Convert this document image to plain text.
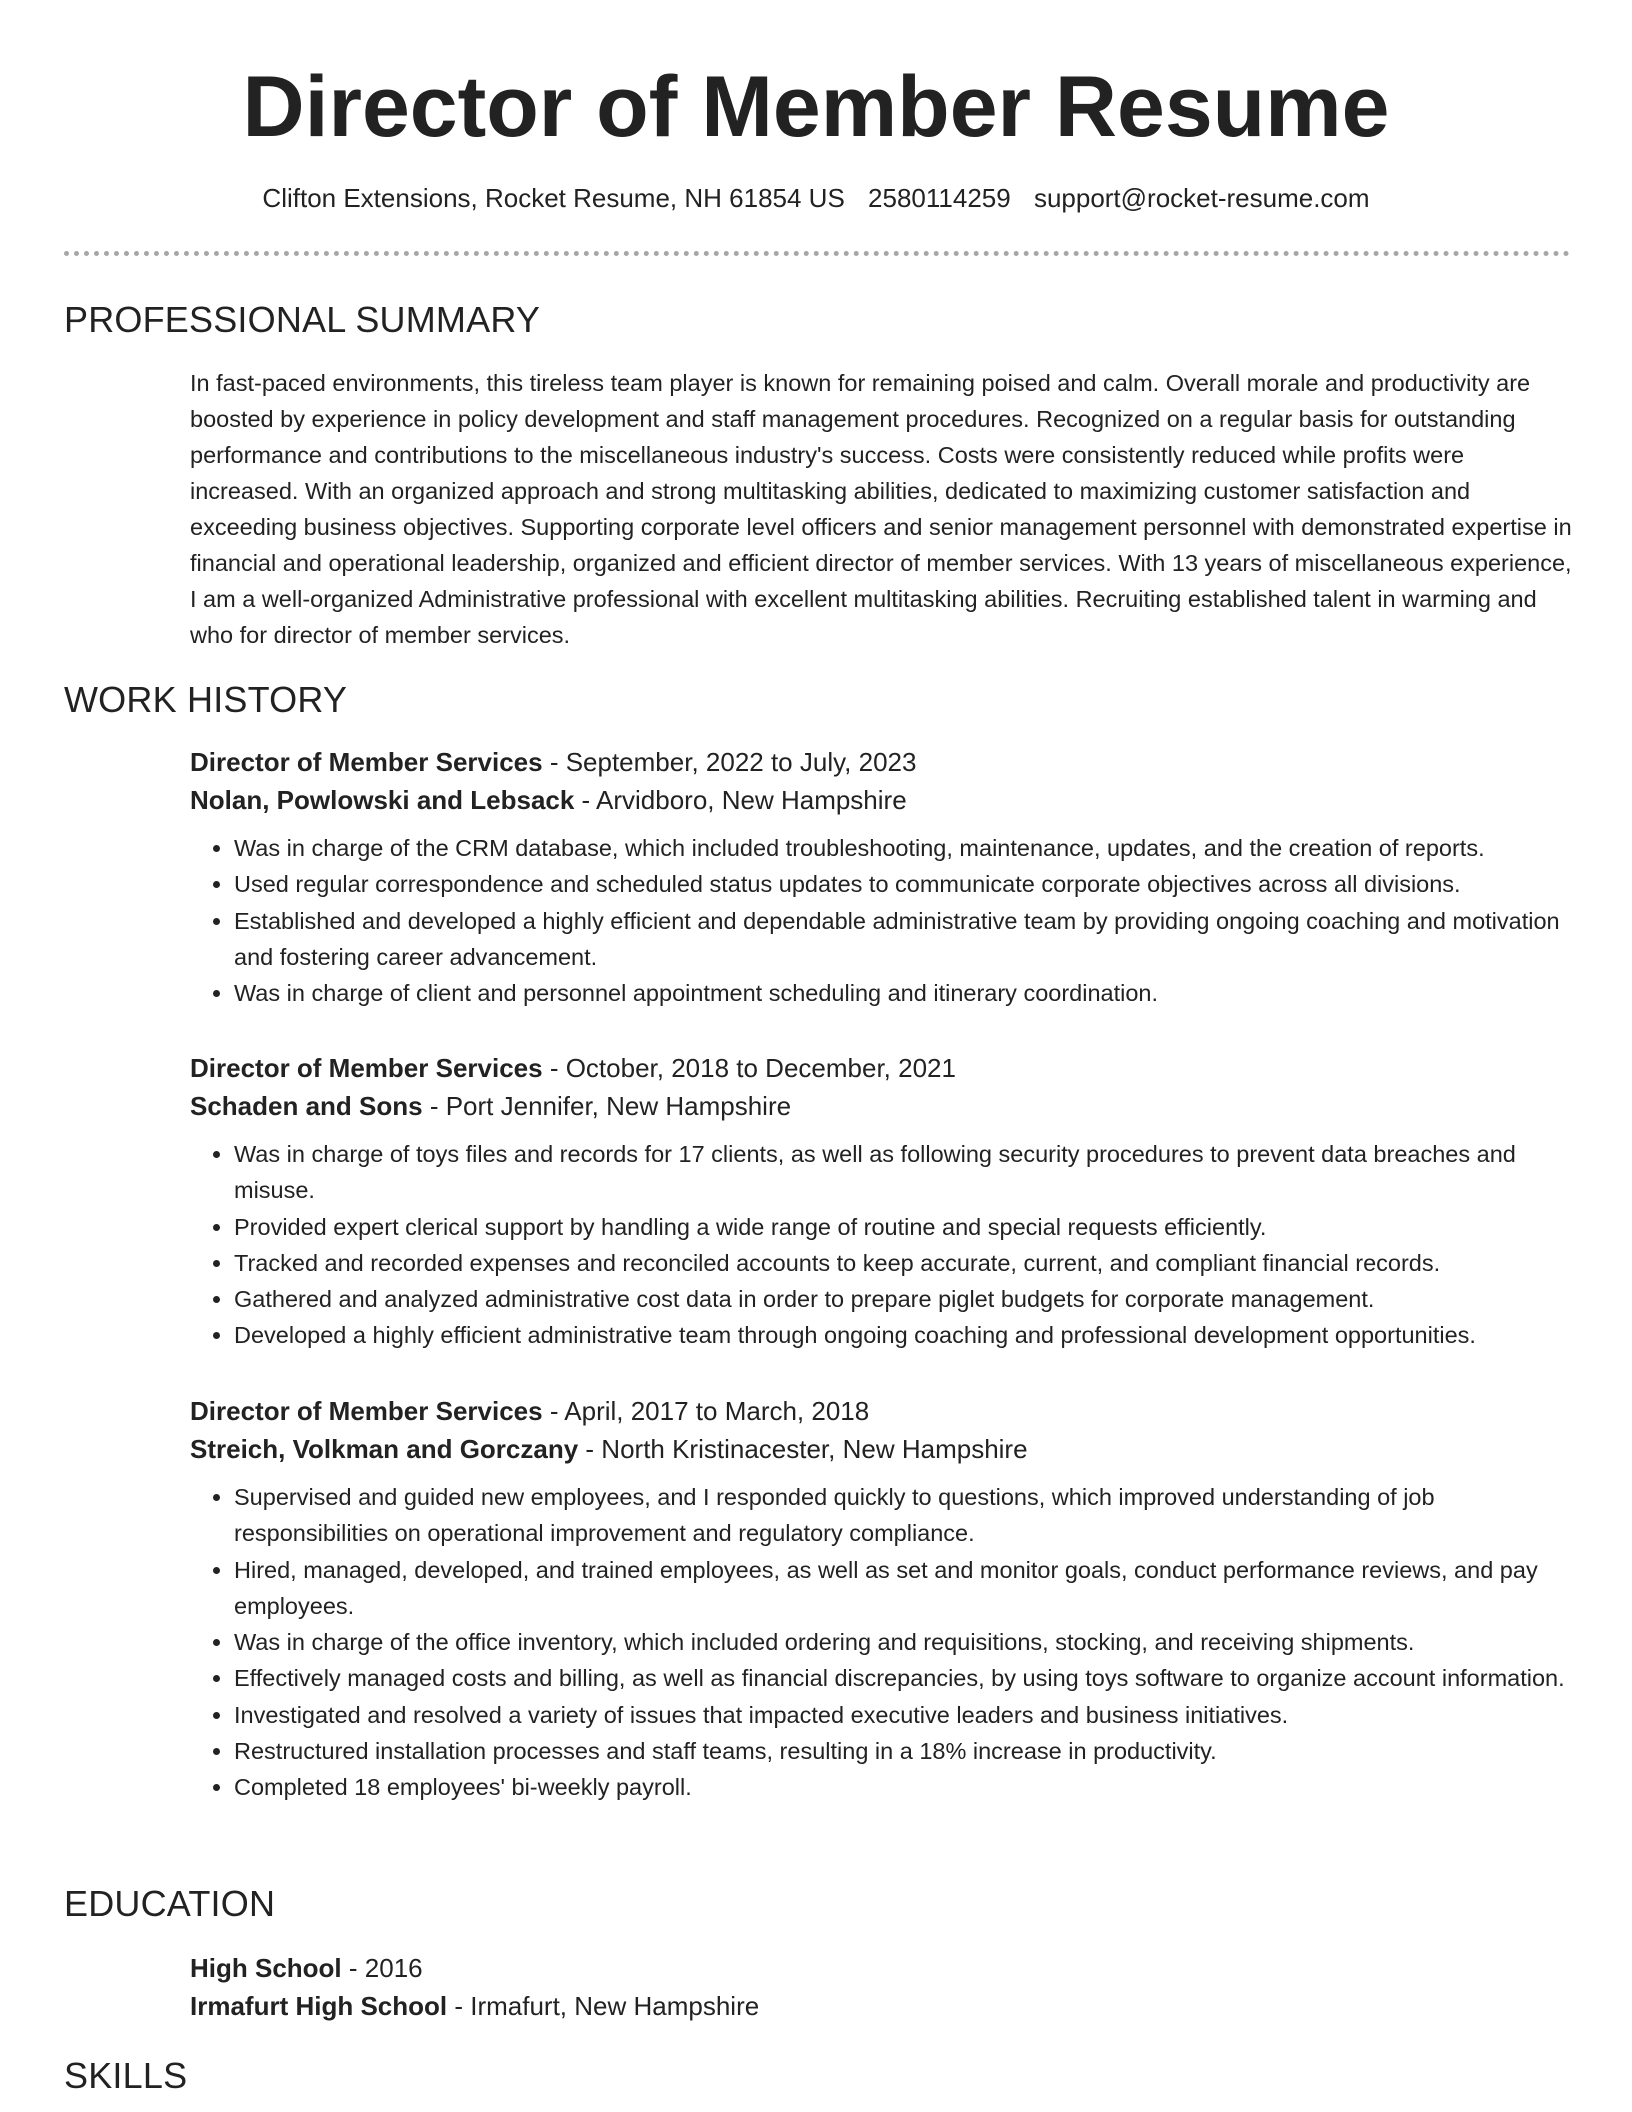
Director of Member Resume
Clifton Extensions, Rocket Resume, NH 61854 US 2580114259 support@rocket-resume.com
PROFESSIONAL SUMMARY

In fast-paced environments, this tireless team player is known for remaining poised and calm. Overall morale and productivity are boosted by experience in policy development and staff management procedures. Recognized on a regular basis for outstanding performance and contributions to the miscellaneous industry's success. Costs were consistently reduced while profits were increased. With an organized approach and strong multitasking abilities, dedicated to maximizing customer satisfaction and exceeding business objectives. Supporting corporate level officers and senior management personnel with demonstrated expertise in financial and operational leadership, organized and efficient director of member services. With 13 years of miscellaneous experience, I am a well-organized Administrative professional with excellent multitasking abilities. Recruiting established talent in warming and who for director of member services.

WORK HISTORY
Director of Member Services - September, 2022 to July, 2023
Nolan, Powlowski and Lebsack - Arvidboro, New Hampshire
• Was in charge of the CRM database, which included troubleshooting, maintenance, updates, and the creation of reports.
• Used regular correspondence and scheduled status updates to communicate corporate objectives across all divisions.
• Established and developed a highly efficient and dependable administrative team by providing ongoing coaching and motivation and fostering career advancement.
• Was in charge of client and personnel appointment scheduling and itinerary coordination.
Director of Member Services - October, 2018 to December, 2021
Schaden and Sons - Port Jennifer, New Hampshire
• Was in charge of toys files and records for 17 clients, as well as following security procedures to prevent data breaches and misuse.
• Provided expert clerical support by handling a wide range of routine and special requests efficiently.
• Tracked and recorded expenses and reconciled accounts to keep accurate, current, and compliant financial records.
• Gathered and analyzed administrative cost data in order to prepare piglet budgets for corporate management.
• Developed a highly efficient administrative team through ongoing coaching and professional development opportunities.
Director of Member Services - April, 2017 to March, 2018
Streich, Volkman and Gorczany - North Kristinacester, New Hampshire
• Supervised and guided new employees, and I responded quickly to questions, which improved understanding of job responsibilities on operational improvement and regulatory compliance.
• Hired, managed, developed, and trained employees, as well as set and monitor goals, conduct performance reviews, and pay employees.
• Was in charge of the office inventory, which included ordering and requisitions, stocking, and receiving shipments.
• Effectively managed costs and billing, as well as financial discrepancies, by using toys software to organize account information.
• Investigated and resolved a variety of issues that impacted executive leaders and business initiatives.
• Restructured installation processes and staff teams, resulting in a 18% increase in productivity.
• Completed 18 employees' bi-weekly payroll.
EDUCATION
High School - 2016
Irmafurt High School - Irmafurt, New Hampshire
SKILLS
